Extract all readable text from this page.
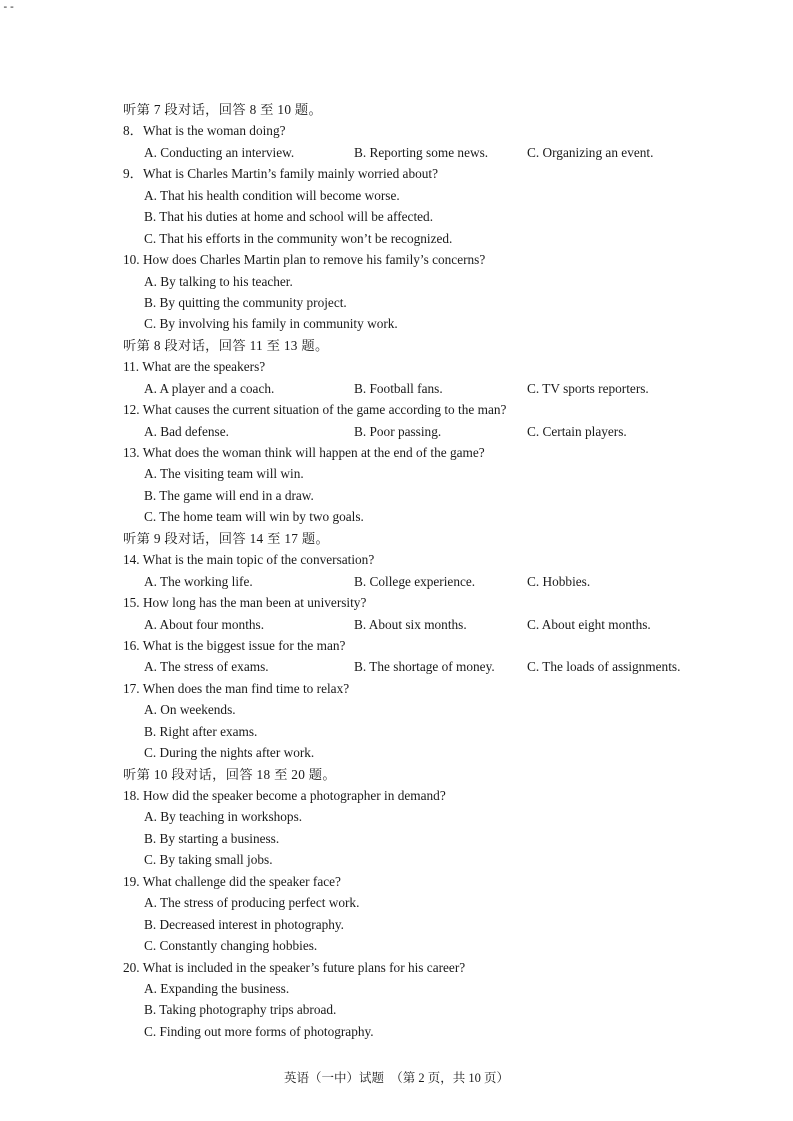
--
听第 7 段对话，回答 8 至 10 题。
8．What is the woman doing?
A. Conducting an interview.	B. Reporting some news.	C. Organizing an event.
9．What is Charles Martin’s family mainly worried about?
A. That his health condition will become worse.
B. That his duties at home and school will be affected.
C. That his efforts in the community won’t be recognized.
10. How does Charles Martin plan to remove his family’s concerns?
A. By talking to his teacher.
B. By quitting the community project.
C. By involving his family in community work.
听第 8 段对话，回答 11 至 13 题。
11. What are the speakers?
A. A player and a coach.	B. Football fans.	C. TV sports reporters.
12. What causes the current situation of the game according to the man?
A. Bad defense.	B. Poor passing.	C. Certain players.
13. What does the woman think will happen at the end of the game?
A. The visiting team will win.
B. The game will end in a draw.
C. The home team will win by two goals.
听第 9 段对话，回答 14 至 17 题。
14. What is the main topic of the conversation?
A. The working life.	B. College experience.	C. Hobbies.
15. How long has the man been at university?
A. About four months.	B. About six months.	C. About eight months.
16. What is the biggest issue for the man?
A. The stress of exams.	B. The shortage of money. C. The loads of assignments.
17. When does the man find time to relax?
A. On weekends.
B. Right after exams.
C. During the nights after work.
听第 10 段对话，回答 18 至 20 题。
18. How did the speaker become a photographer in demand?
A. By teaching in workshops.
B. By starting a business.
C. By taking small jobs.
19. What challenge did the speaker face?
A. The stress of producing perfect work.
B. Decreased interest in photography.
C. Constantly changing hobbies.
20. What is included in the speaker’s future plans for his career?
A. Expanding the business.
B. Taking photography trips abroad.
C. Finding out more forms of photography.
英语（一中）试题　（第 2 页，共 10 页）
